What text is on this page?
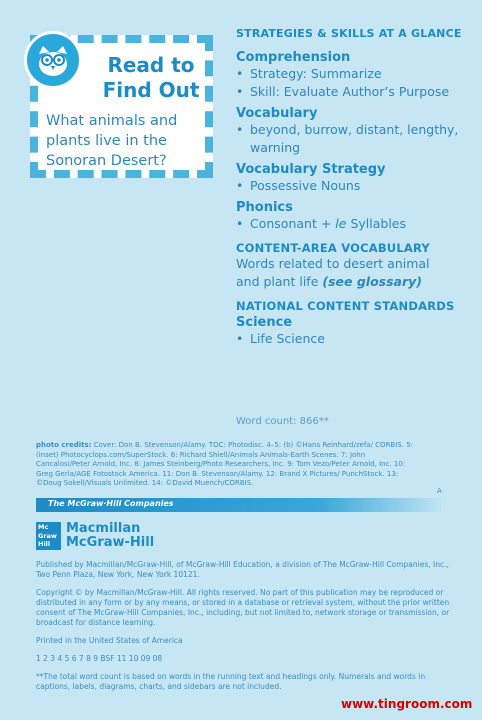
Read to
Find Out
What animals and plants live in the Sonoran Desert?
STRATEGIES & SKILLS AT A GLANCE
Comprehension
• Strategy: Summarize
• Skill: Evaluate Author’s Purpose
Vocabulary
• beyond, burrow, distant, lengthy,
warning
Vocabulary Strategy
• Possessive Nouns
Phonics
• Consonant + le Syllables
CONTENT-AREA VOCABULARY
Words related to desert animal
and plant life (see glossary)
NATIONAL CONTENT STANDARDS
Science
• Life Science
Word count: 866**
photo credits: Cover: Don B. Stevenson/Alamy. TOC: Photodisc. 4–5: (b) ©Hans Reinhard/zefa/ CORBIS. 5: (inset) Photocyclops.com/SuperStock. 6: Richard Shiell/Animals Animals-Earth Scenes. 7: John Cancalosi/Peter Arnold, Inc. 8: James Steinberg/Photo Researchers, Inc. 9: Tom Vezo/Peter Arnold, Inc. 10: Greg Gerla/AGE Fotostock America. 11: Don B. Stevenson/Alamy. 12: Brand X Pictures/ PunchStock. 13: ©Doug Sokell/Visuals Unlimited. 14: ©David Muench/CORBIS.
A
The McGraw·Hill Companies
Mc Graw Hill
Macmillan
McGraw-Hill

Published by Macmillan/McGraw-Hill, of McGraw-Hill Education, a division of The McGraw-Hill Companies, Inc., Two Penn Plaza, New York, New York 10121.

Copyright © by Macmillan/McGraw-Hill. All rights reserved. No part of this publication may be reproduced or distributed in any form or by any means, or stored in a database or retrieval system, without the prior written consent of The McGraw-Hill Companies, Inc., including, but not limited to, network storage or transmission, or broadcast for distance learning.

Printed in the United States of America

1 2 3 4 5 6 7 8 9 BSF 11 10 09 08

**The total word count is based on words in the running text and headings only. Numerals and words in captions, labels, diagrams, charts, and sidebars are not included.

www.tingroom.com
